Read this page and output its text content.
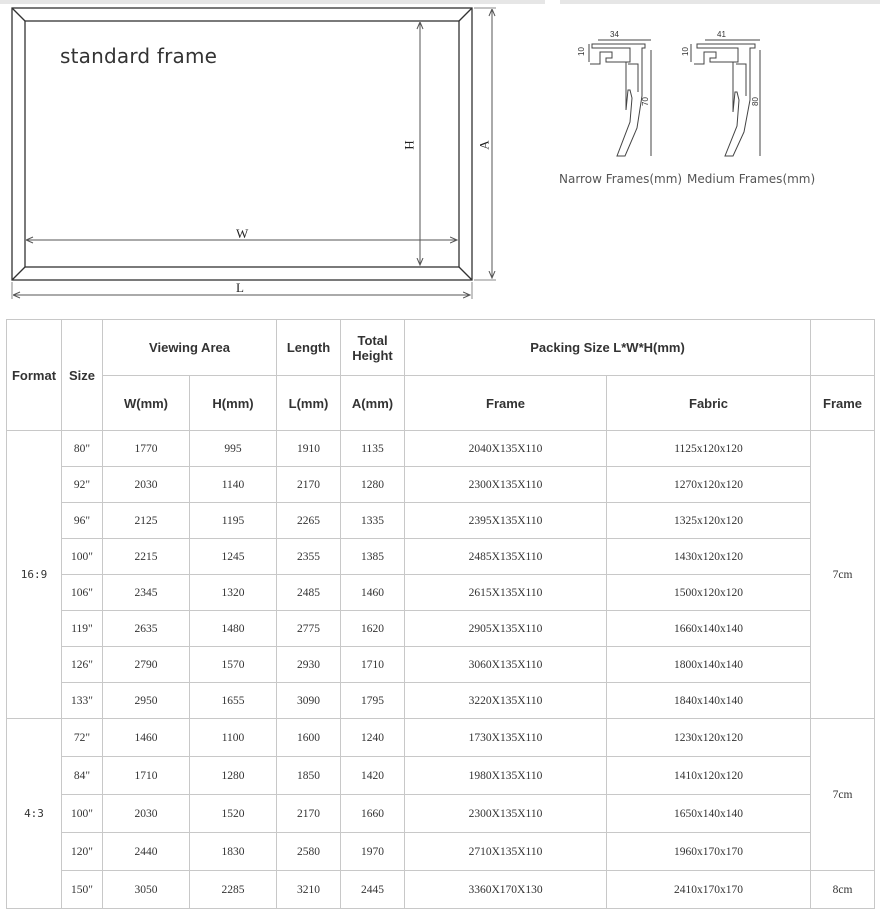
34
10
70
41
10
80
standard frame
W
H	A
L
Narrow Frames(mm) Medium Frames(mm)
Format	Size	Viewing Area		Length	Total Height	Packing Size L*W*H(mm)		
		W(mm)	H(mm)	L(mm)	A(mm)	Frame	Fabric	Frame
16:9	80"	1770	995	1910	1135	2040X135X110	1125x120x120	7cm
	92"	2030	1140	2170	1280	2300X135X110	1270x120x120	
	96"	2125	1195	2265	1335	2395X135X110	1325x120x120	
	100"	2215	1245	2355	1385	2485X135X110	1430x120x120	
	106"	2345	1320	2485	1460	2615X135X110	1500x120x120	
	119"	2635	1480	2775	1620	2905X135X110	1660x140x140	
	126"	2790	1570	2930	1710	3060X135X110	1800x140x140	
	133"	2950	1655	3090	1795	3220X135X110	1840x140x140	
4:3	72"	1460	1100	1600	1240	1730X135X110	1230x120x120	7cm
	84"	1710	1280	1850	1420	1980X135X110	1410x120x120	
	100"	2030	1520	2170	1660	2300X135X110	1650x140x140	
	120"	2440	1830	2580	1970	2710X135X110	1960x170x170	
	150"	3050	2285	3210	2445	3360X170X130	2410x170x170	8cm
